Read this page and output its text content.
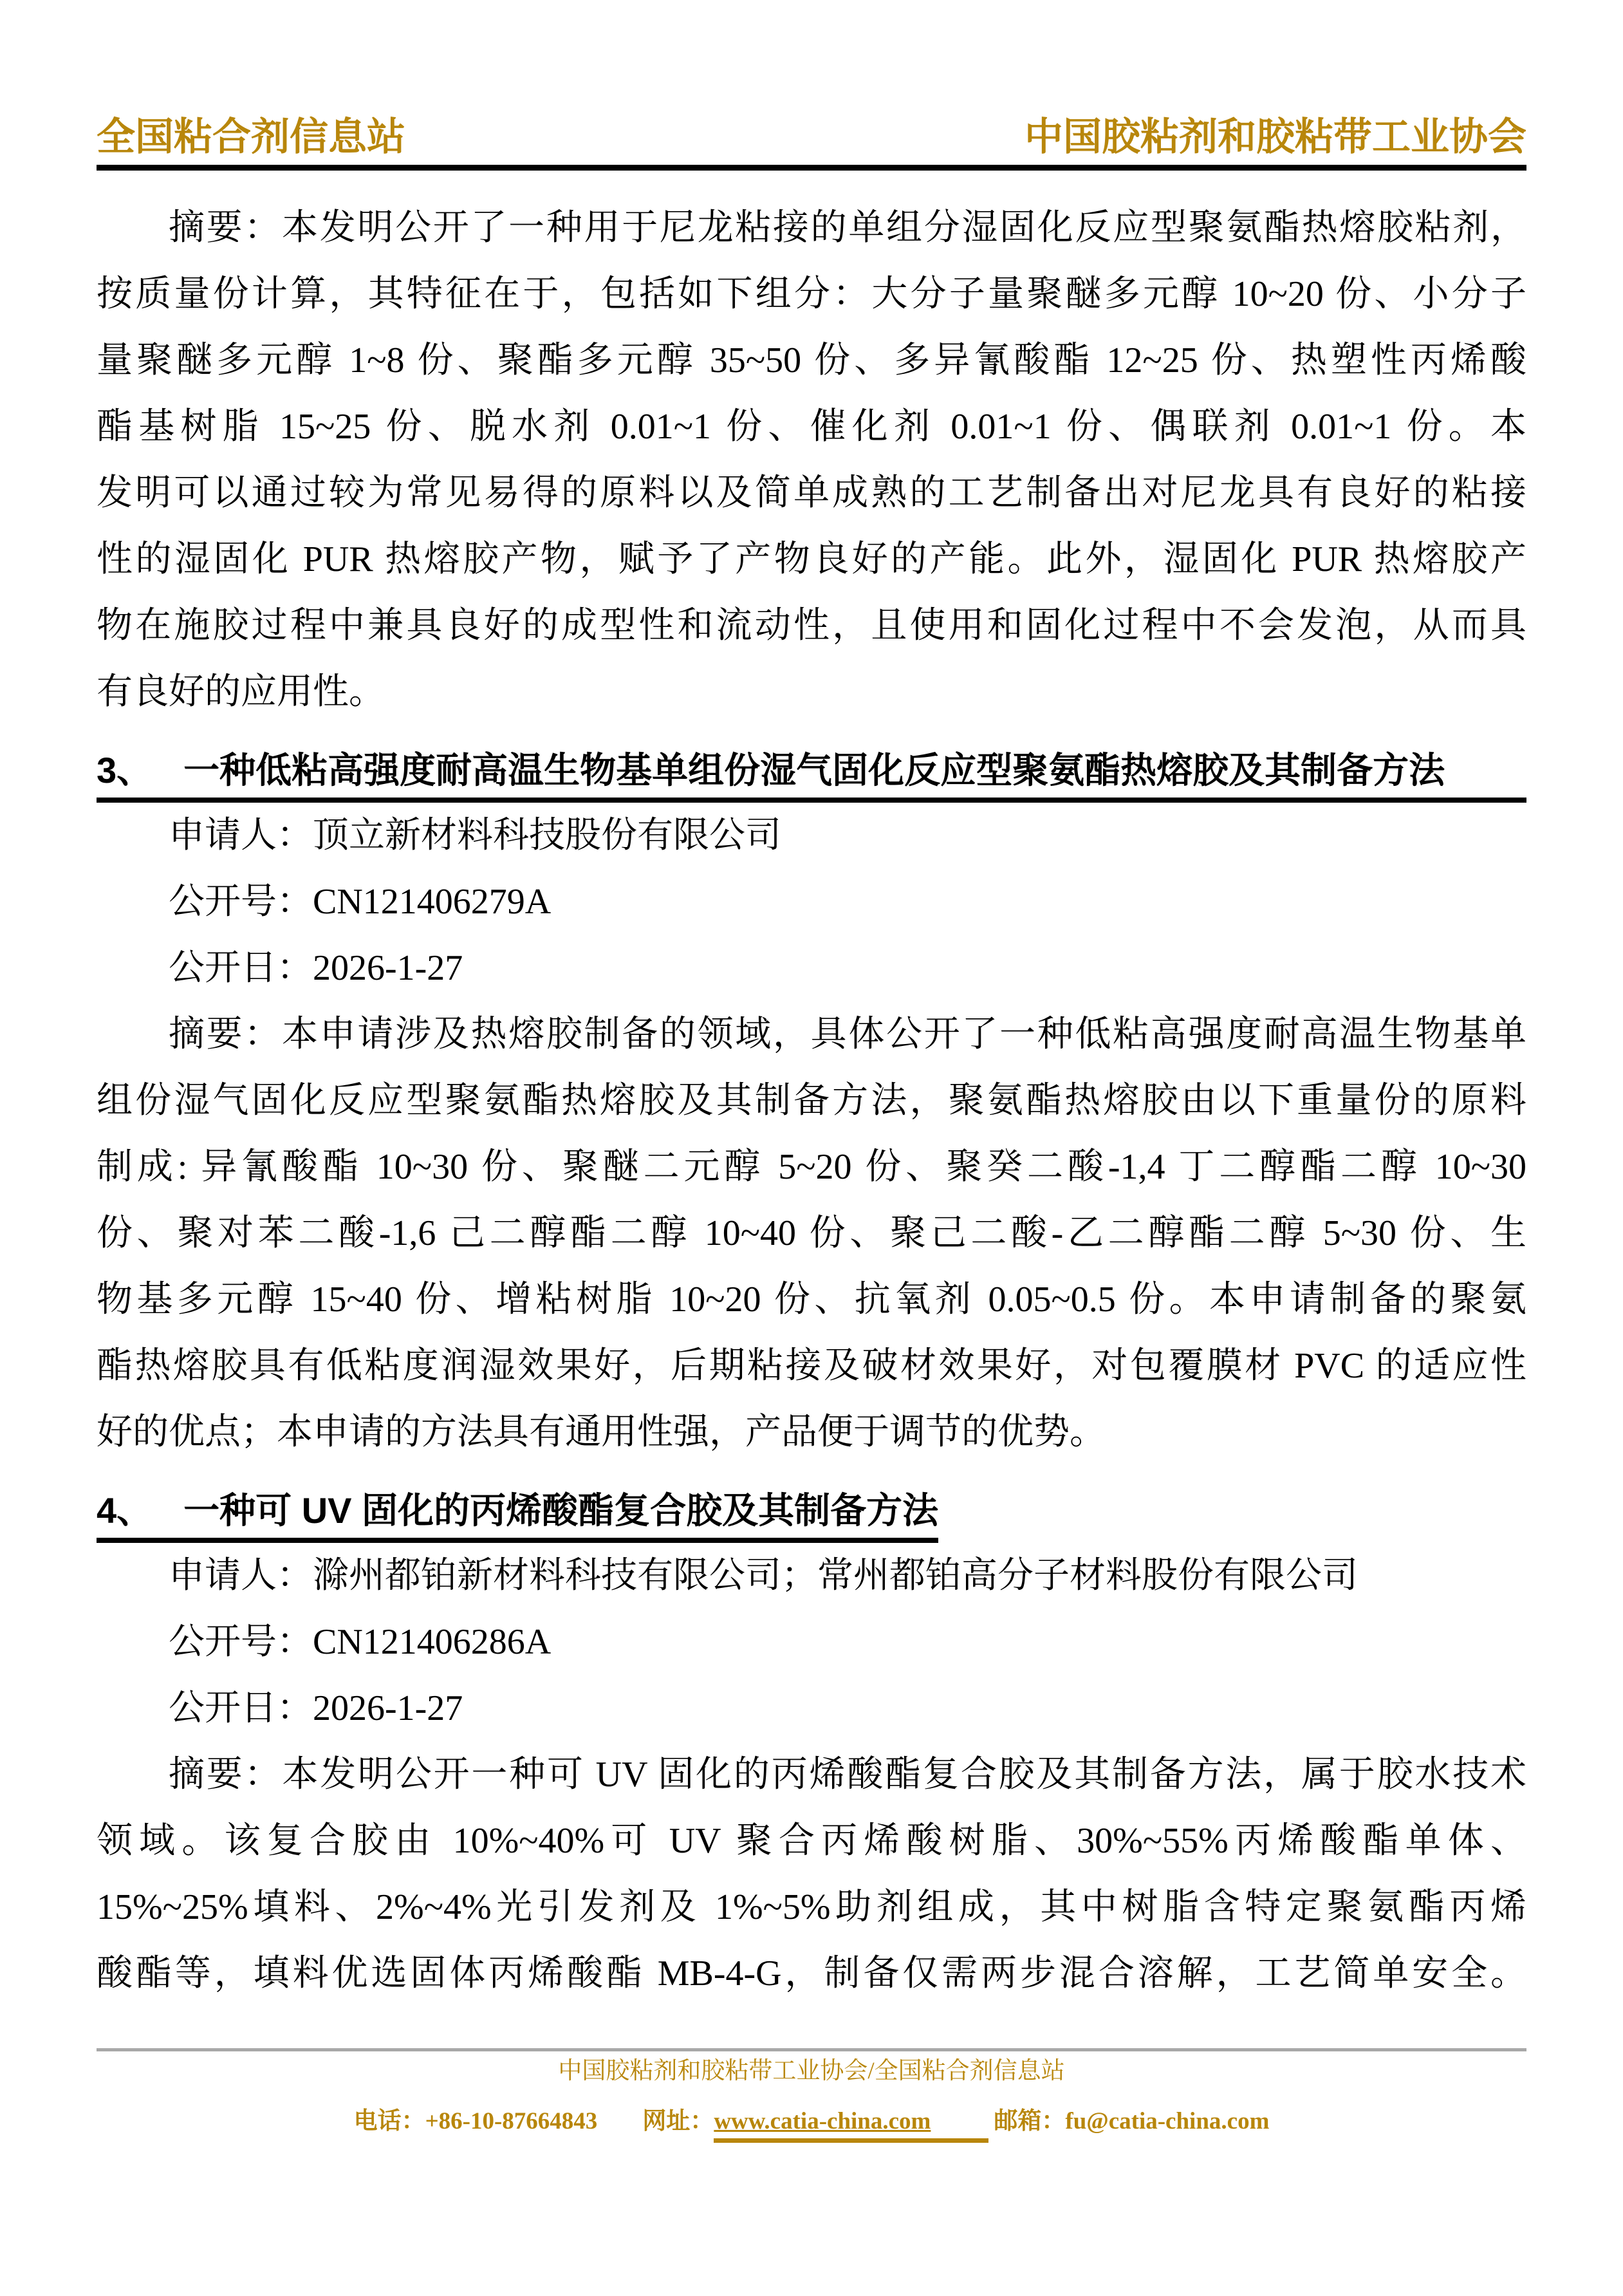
全国粘合剂信息站	中国胶粘剂和胶粘带工业协会
摘要：本发明公开了一种用于尼龙粘接的单组分湿固化反应型聚氨酯热熔胶粘剂，
按质量份计算，其特征在于，包括如下组分：大分子量聚醚多元醇 10~20 份、小分子
量聚醚多元醇 1~8 份、聚酯多元醇 35~50 份、多异氰酸酯 12~25 份、热塑性丙烯酸
酯基树脂 15~25 份、脱水剂 0.01~1 份、催化剂 0.01~1 份、偶联剂 0.01~1 份。本
发明可以通过较为常见易得的原料以及简单成熟的工艺制备出对尼龙具有良好的粘接
性的湿固化 PUR 热熔胶产物，赋予了产物良好的产能。此外，湿固化 PUR 热熔胶产
物在施胶过程中兼具良好的成型性和流动性，且使用和固化过程中不会发泡，从而具
有良好的应用性。
3、 一种低粘高强度耐高温生物基单组份湿气固化反应型聚氨酯热熔胶及其制备方法
申请人：顶立新材料科技股份有限公司
公开号：CN121406279A
公开日：2026-1-27
摘要：本申请涉及热熔胶制备的领域，具体公开了一种低粘高强度耐高温生物基单
组份湿气固化反应型聚氨酯热熔胶及其制备方法，聚氨酯热熔胶由以下重量份的原料
制成: 异氰酸酯 10~30 份、聚醚二元醇 5~20 份、聚癸二酸-1,4 丁二醇酯二醇 10~30
份、聚对苯二酸-1,6 己二醇酯二醇 10~40 份、聚己二酸-乙二醇酯二醇 5~30 份、生
物基多元醇 15~40 份、增粘树脂 10~20 份、抗氧剂 0.05~0.5 份。本申请制备的聚氨
酯热熔胶具有低粘度润湿效果好，后期粘接及破材效果好，对包覆膜材 PVC 的适应性
好的优点；本申请的方法具有通用性强，产品便于调节的优势。
4、 一种可 UV 固化的丙烯酸酯复合胶及其制备方法
申请人：滁州都铂新材料科技有限公司；常州都铂高分子材料股份有限公司
公开号：CN121406286A
公开日：2026-1-27
摘要：本发明公开一种可 UV 固化的丙烯酸酯复合胶及其制备方法，属于胶水技术
领域。该复合胶由 10%~40%可 UV 聚合丙烯酸树脂、30%~55%丙烯酸酯单体、
15%~25%填料、2%~4%光引发剂及 1%~5%助剂组成，其中树脂含特定聚氨酯丙烯
酸酯等，填料优选固体丙烯酸酯 MB-4-G，制备仅需两步混合溶解，工艺简单安全。
中国胶粘剂和胶粘带工业协会/全国粘合剂信息站
电话：+86-10-87664843 网址：www.catia-china.com	邮箱：fu@catia-china.com
